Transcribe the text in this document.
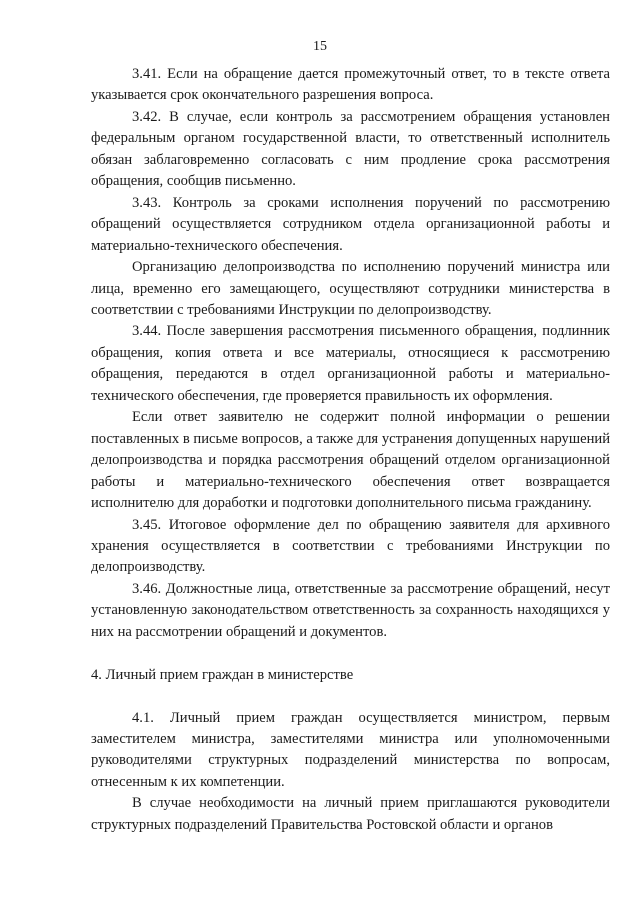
15

3.41. Если на обращение дается промежуточный ответ, то в тексте ответа указывается срок окончательного разрешения вопроса.

3.42. В случае, если контроль за рассмотрением обращения установлен федеральным органом государственной власти, то ответственный исполнитель обязан заблаговременно согласовать с ним продление срока рассмотрения обращения, сообщив письменно.

3.43. Контроль за сроками исполнения поручений по рассмотрению обращений осуществляется сотрудником отдела организационной работы и материально-технического обеспечения.

Организацию делопроизводства по исполнению поручений министра или лица, временно его замещающего, осуществляют сотрудники министерства в соответствии с требованиями Инструкции по делопроизводству.

3.44. После завершения рассмотрения письменного обращения, подлинник обращения, копия ответа и все материалы, относящиеся к рассмотрению обращения, передаются в отдел организационной работы и материально-технического обеспечения, где проверяется правильность их оформления.

Если ответ заявителю не содержит полной информации о решении поставленных в письме вопросов, а также для устранения допущенных нарушений делопроизводства и порядка рассмотрения обращений отделом организационной работы и материально-технического обеспечения ответ возвращается исполнителю для доработки и подготовки дополнительного письма гражданину.

3.45. Итоговое оформление дел по обращению заявителя для архивного хранения осуществляется в соответствии с требованиями Инструкции по делопроизводству.

3.46. Должностные лица, ответственные за рассмотрение обращений, несут установленную законодательством ответственность за сохранность находящихся у них на рассмотрении обращений и документов.

4. Личный прием граждан в министерстве

4.1. Личный прием граждан осуществляется министром, первым заместителем министра, заместителями министра или уполномоченными руководителями структурных подразделений министерства по вопросам, отнесенным к их компетенции.

В случае необходимости на личный прием приглашаются руководители структурных подразделений Правительства Ростовской области и органов
